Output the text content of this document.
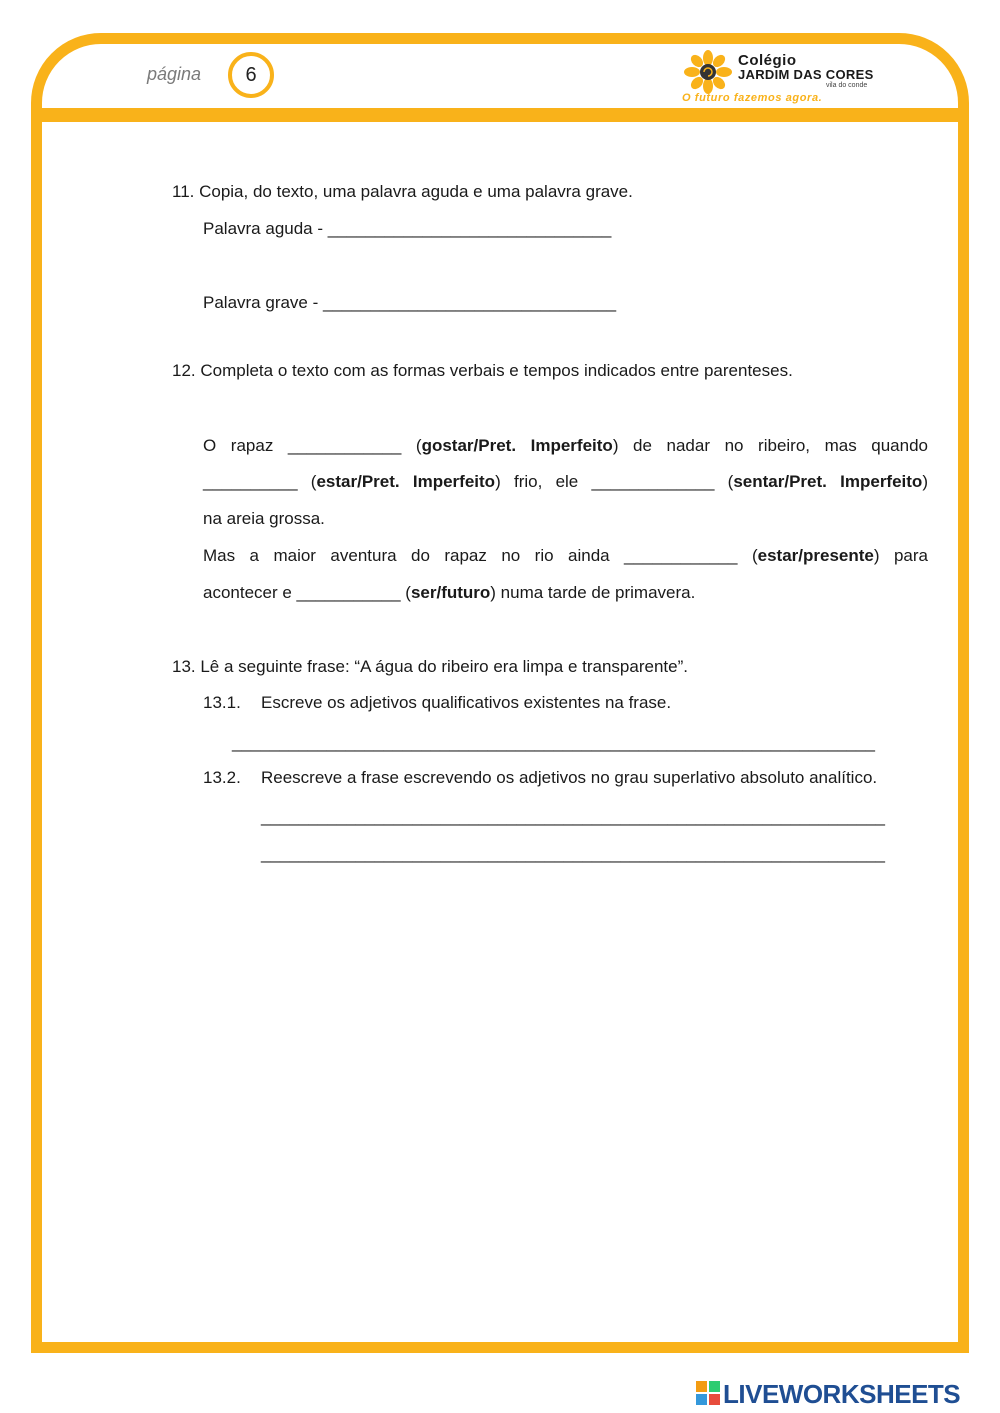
página 6
Colégio
JARDIM DAS CORES
vila do conde
O futuro fazemos agora.
11. Copia, do texto, uma palavra aguda e uma palavra grave.
Palavra aguda - ______________________________
Palavra grave - _______________________________
12. Completa o texto com as formas verbais e tempos indicados entre parenteses.
O rapaz ____________ (gostar/Pret. Imperfeito) de nadar no ribeiro, mas quando
__________ (estar/Pret. Imperfeito) frio, ele _____________ (sentar/Pret. Imperfeito)
na areia grossa.
Mas a maior aventura do rapaz no rio ainda ____________ (estar/presente) para
acontecer e ___________ (ser/futuro) numa tarde de primavera.
13. Lê a seguinte frase: “A água do ribeiro era limpa e transparente”.
13.1. Escreve os adjetivos qualificativos existentes na frase.
____________________________________________________________________
13.2. Reescreve a frase escrevendo os adjetivos no grau superlativo absoluto analítico.
__________________________________________________________________
__________________________________________________________________
LIVEWORKSHEETS
